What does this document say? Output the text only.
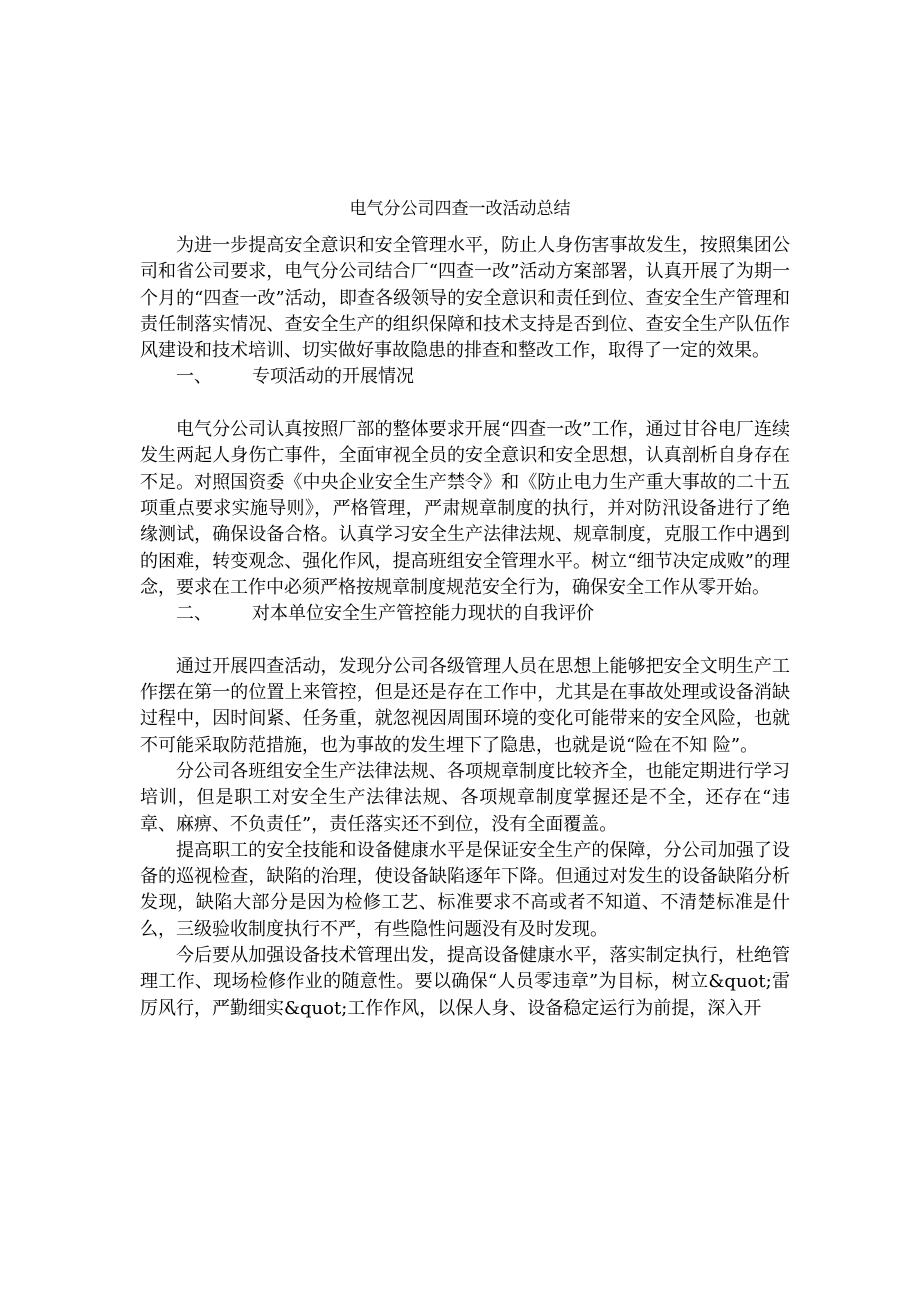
电气分公司四查一改活动总结

为进一步提高安全意识和安全管理水平，防止人身伤害事故发生，按照集团公司和省公司要求，电气分公司结合厂“四查一改”活动方案部署，认真开展了为期一个月的“四查一改”活动，即查各级领导的安全意识和责任到位、查安全生产管理和责任制落实情况、查安全生产的组织保障和技术支持是否到位、查安全生产队伍作风建设和技术培训、切实做好事故隐患的排查和整改工作，取得了一定的效果。

一、 专项活动的开展情况

电气分公司认真按照厂部的整体要求开展“四查一改”工作，通过甘谷电厂连续发生两起人身伤亡事件，全面审视全员的安全意识和安全思想，认真剖析自身存在不足。对照国资委《中央企业安全生产禁令》和《防止电力生产重大事故的二十五项重点要求实施导则》，严格管理，严肃规章制度的执行，并对防汛设备进行了绝缘测试，确保设备合格。认真学习安全生产法律法规、规章制度，克服工作中遇到的困难，转变观念、强化作风，提高班组安全管理水平。树立“细节决定成败”的理念，要求在工作中必须严格按规章制度规范安全行为，确保安全工作从零开始。

二、 对本单位安全生产管控能力现状的自我评价

通过开展四查活动，发现分公司各级管理人员在思想上能够把安全文明生产工作摆在第一的位置上来管控，但是还是存在工作中，尤其是在事故处理或设备消缺过程中，因时间紧、任务重，就忽视因周围环境的变化可能带来的安全风险，也就不可能采取防范措施，也为事故的发生埋下了隐患，也就是说“险在不知 险”。

分公司各班组安全生产法律法规、各项规章制度比较齐全，也能定期进行学习培训，但是职工对安全生产法律法规、各项规章制度掌握还是不全，还存在“违 章、麻痹、不负责任”，责任落实还不到位，没有全面覆盖。

提高职工的安全技能和设备健康水平是保证安全生产的保障，分公司加强了设备的巡视检查，缺陷的治理，使设备缺陷逐年下降。但通过对发生的设备缺陷分析发现，缺陷大部分是因为检修工艺、标准要求不高或者不知道、不清楚标准是什么，三级验收制度执行不严，有些隐性问题没有及时发现。

今后要从加强设备技术管理出发，提高设备健康水平，落实制定执行，杜绝管理工作、现场检修作业的随意性。要以确保“人员零违章”为目标，树立&quot;雷厉风行，严勤细实&quot;工作作风，以保人身、设备稳定运行为前提，深入开
